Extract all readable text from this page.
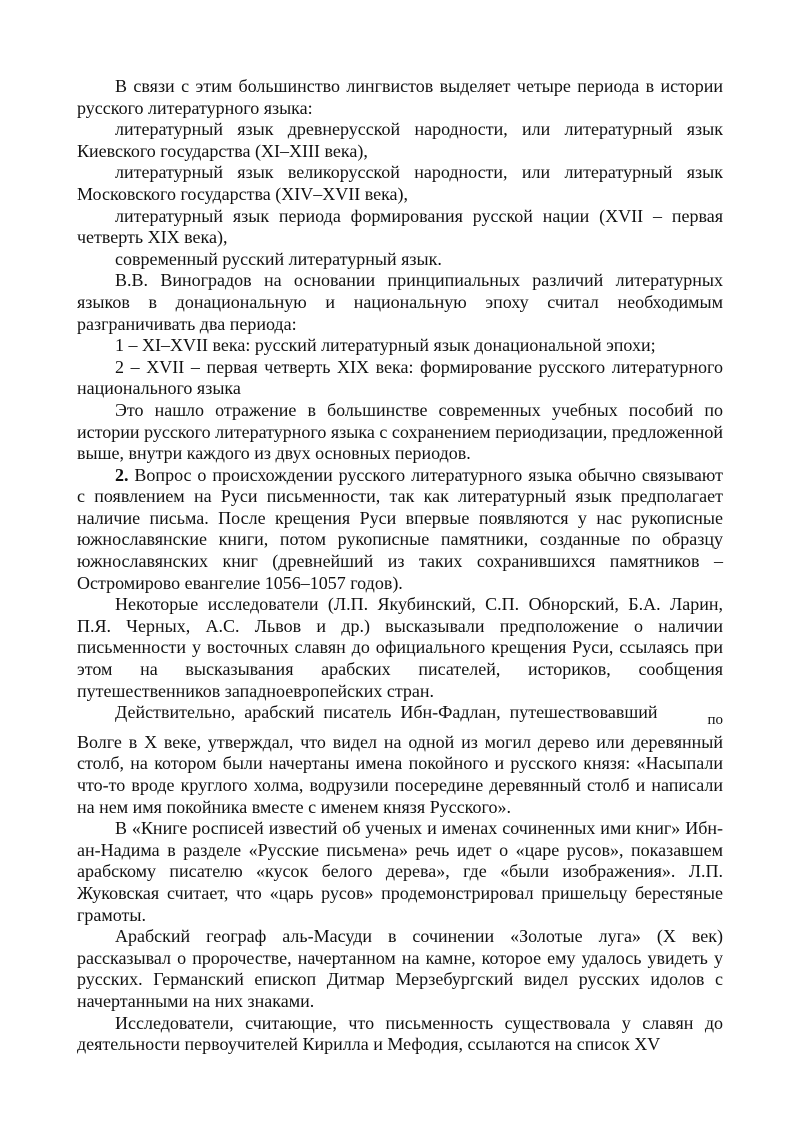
В связи с этим большинство лингвистов выделяет четыре периода в истории русского литературного языка:

литературный язык древнерусской народности, или литературный язык Киевского государства (XI–XIII века),

литературный язык великорусской народности, или литературный язык Московского государства (XIV–XVII века),

литературный язык периода формирования русской нации (XVII – первая четверть XIX века),

современный русский литературный язык.

В.В. Виноградов на основании принципиальных различий литературных языков в донациональную и национальную эпоху считал необходимым разграничивать два периода:

1 – XI–XVII века: русский литературный язык донациональной эпохи;

2 – XVII – первая четверть XIX века: формирование русского литературного национального языка

Это нашло отражение в большинстве современных учебных пособий по истории русского литературного языка с сохранением периодизации, предложенной выше, внутри каждого из двух основных периодов.

2. Вопрос о происхождении русского литературного языка обычно связывают с появлением на Руси письменности, так как литературный язык предполагает наличие письма. После крещения Руси впервые появляются у нас рукописные южнославянские книги, потом рукописные памятники, созданные по образцу южнославянских книг (древнейший из таких сохранившихся памятников – Остромирово евангелие 1056–1057 годов).

Некоторые исследователи (Л.П. Якубинский, С.П. Обнорский, Б.А. Ларин, П.Я. Черных, А.С. Львов и др.) высказывали предположение о наличии письменности у восточных славян до официального крещения Руси, ссылаясь при этом на высказывания арабских писателей, историков, сообщения путешественников западноевропейских стран.

Действительно, арабский писатель Ибн-Фадлан, путешествовавший	по Волге в X веке, утверждал, что видел на одной из могил дерево или деревянный столб, на котором были начертаны имена покойного и русского князя: «Насыпали что-то вроде круглого холма, водрузили посередине деревянный столб и написали на нем имя покойника вместе с именем князя Русского».

В «Книге росписей известий об ученых и именах сочиненных ими книг» Ибн-ан-Надима в разделе «Русские письмена» речь идет о «царе русов», показавшем арабскому писателю «кусок белого дерева», где «были изображения». Л.П. Жуковская считает, что «царь русов» продемонстрировал пришельцу берестяные грамоты.

Арабский географ аль-Масуди в сочинении «Золотые луга» (X век) рассказывал о пророчестве, начертанном на камне, которое ему удалось увидеть у русских. Германский епископ Дитмар Мерзебургский видел русских идолов с начертанными на них знаками.

Исследователи, считающие, что письменность существовала у славян до деятельности первоучителей Кирилла и Мефодия, ссылаются на список XV
